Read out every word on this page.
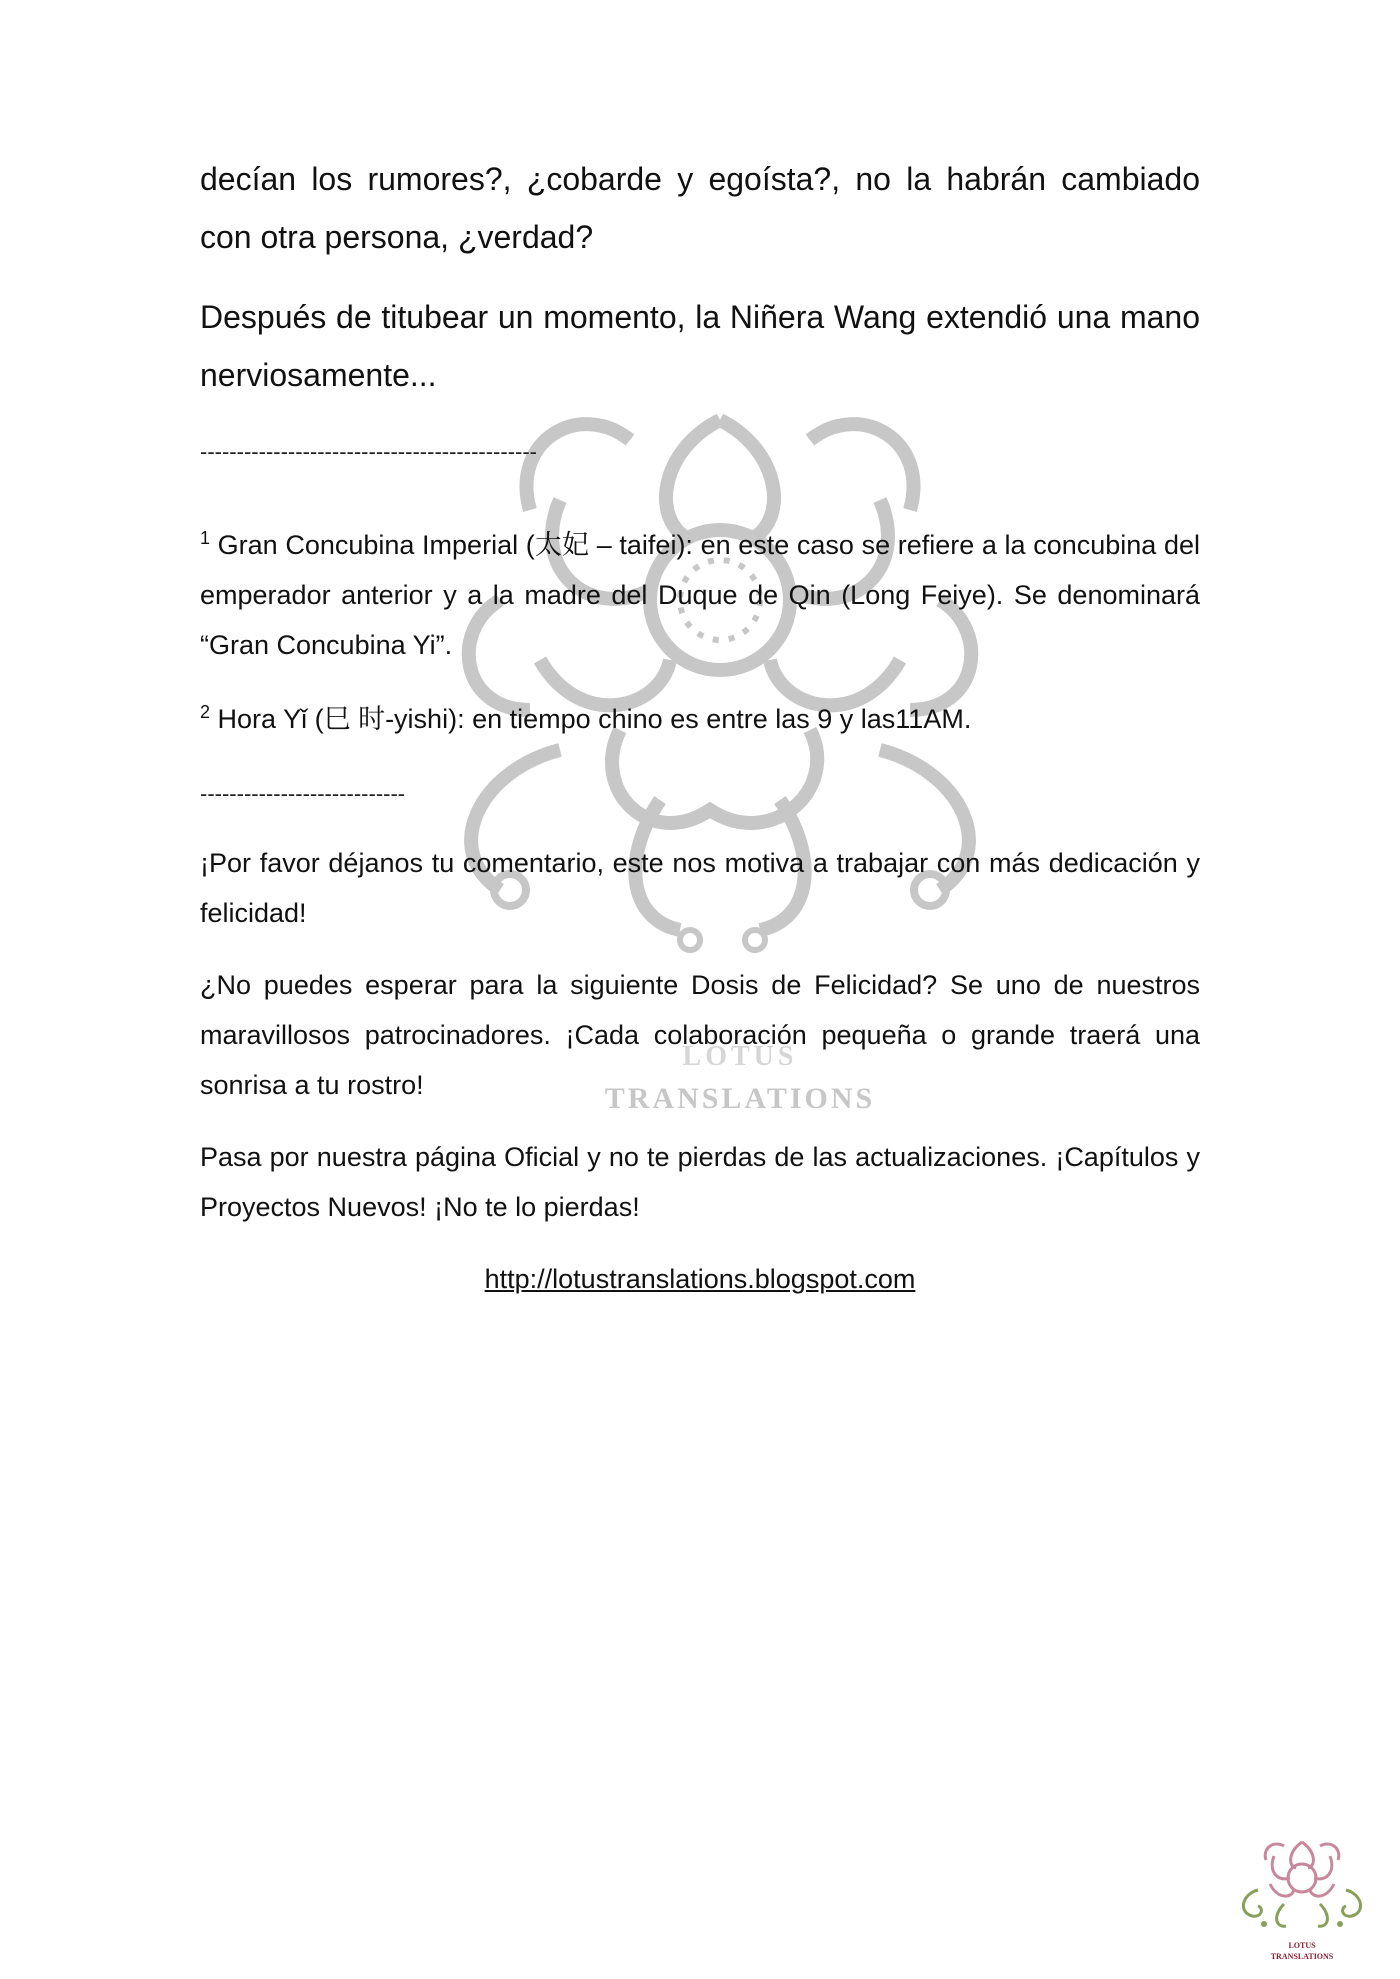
LOTUS
TRANSLATIONS

decían los rumores?, ¿cobarde y egoísta?, no la habrán cambiado con otra persona, ¿verdad?

Después de titubear un momento, la Niñera Wang extendió una mano nerviosamente...

----------------------------------------------

$^1$ Gran Concubina Imperial (太妃 – taifei): en este caso se refiere a la concubina del emperador anterior y a la madre del Duque de Qin (Long Feiye). Se denominará “Gran Concubina Yi”.

$^2$ Hora Yǐ (巳 时-yishi): en tiempo chino es entre las 9 y las11AM.

----------------------------

¡Por favor déjanos tu comentario, este nos motiva a trabajar con más dedicación y felicidad!

¿No puedes esperar para la siguiente Dosis de Felicidad? Se uno de nuestros maravillosos patrocinadores. ¡Cada colaboración pequeña o grande traerá una sonrisa a tu rostro!

Pasa por nuestra página Oficial y no te pierdas de las actualizaciones. ¡Capítulos y Proyectos Nuevos! ¡No te lo pierdas!

http://lotustranslations.blogspot.com
LOTUS
TRANSLATIONS
